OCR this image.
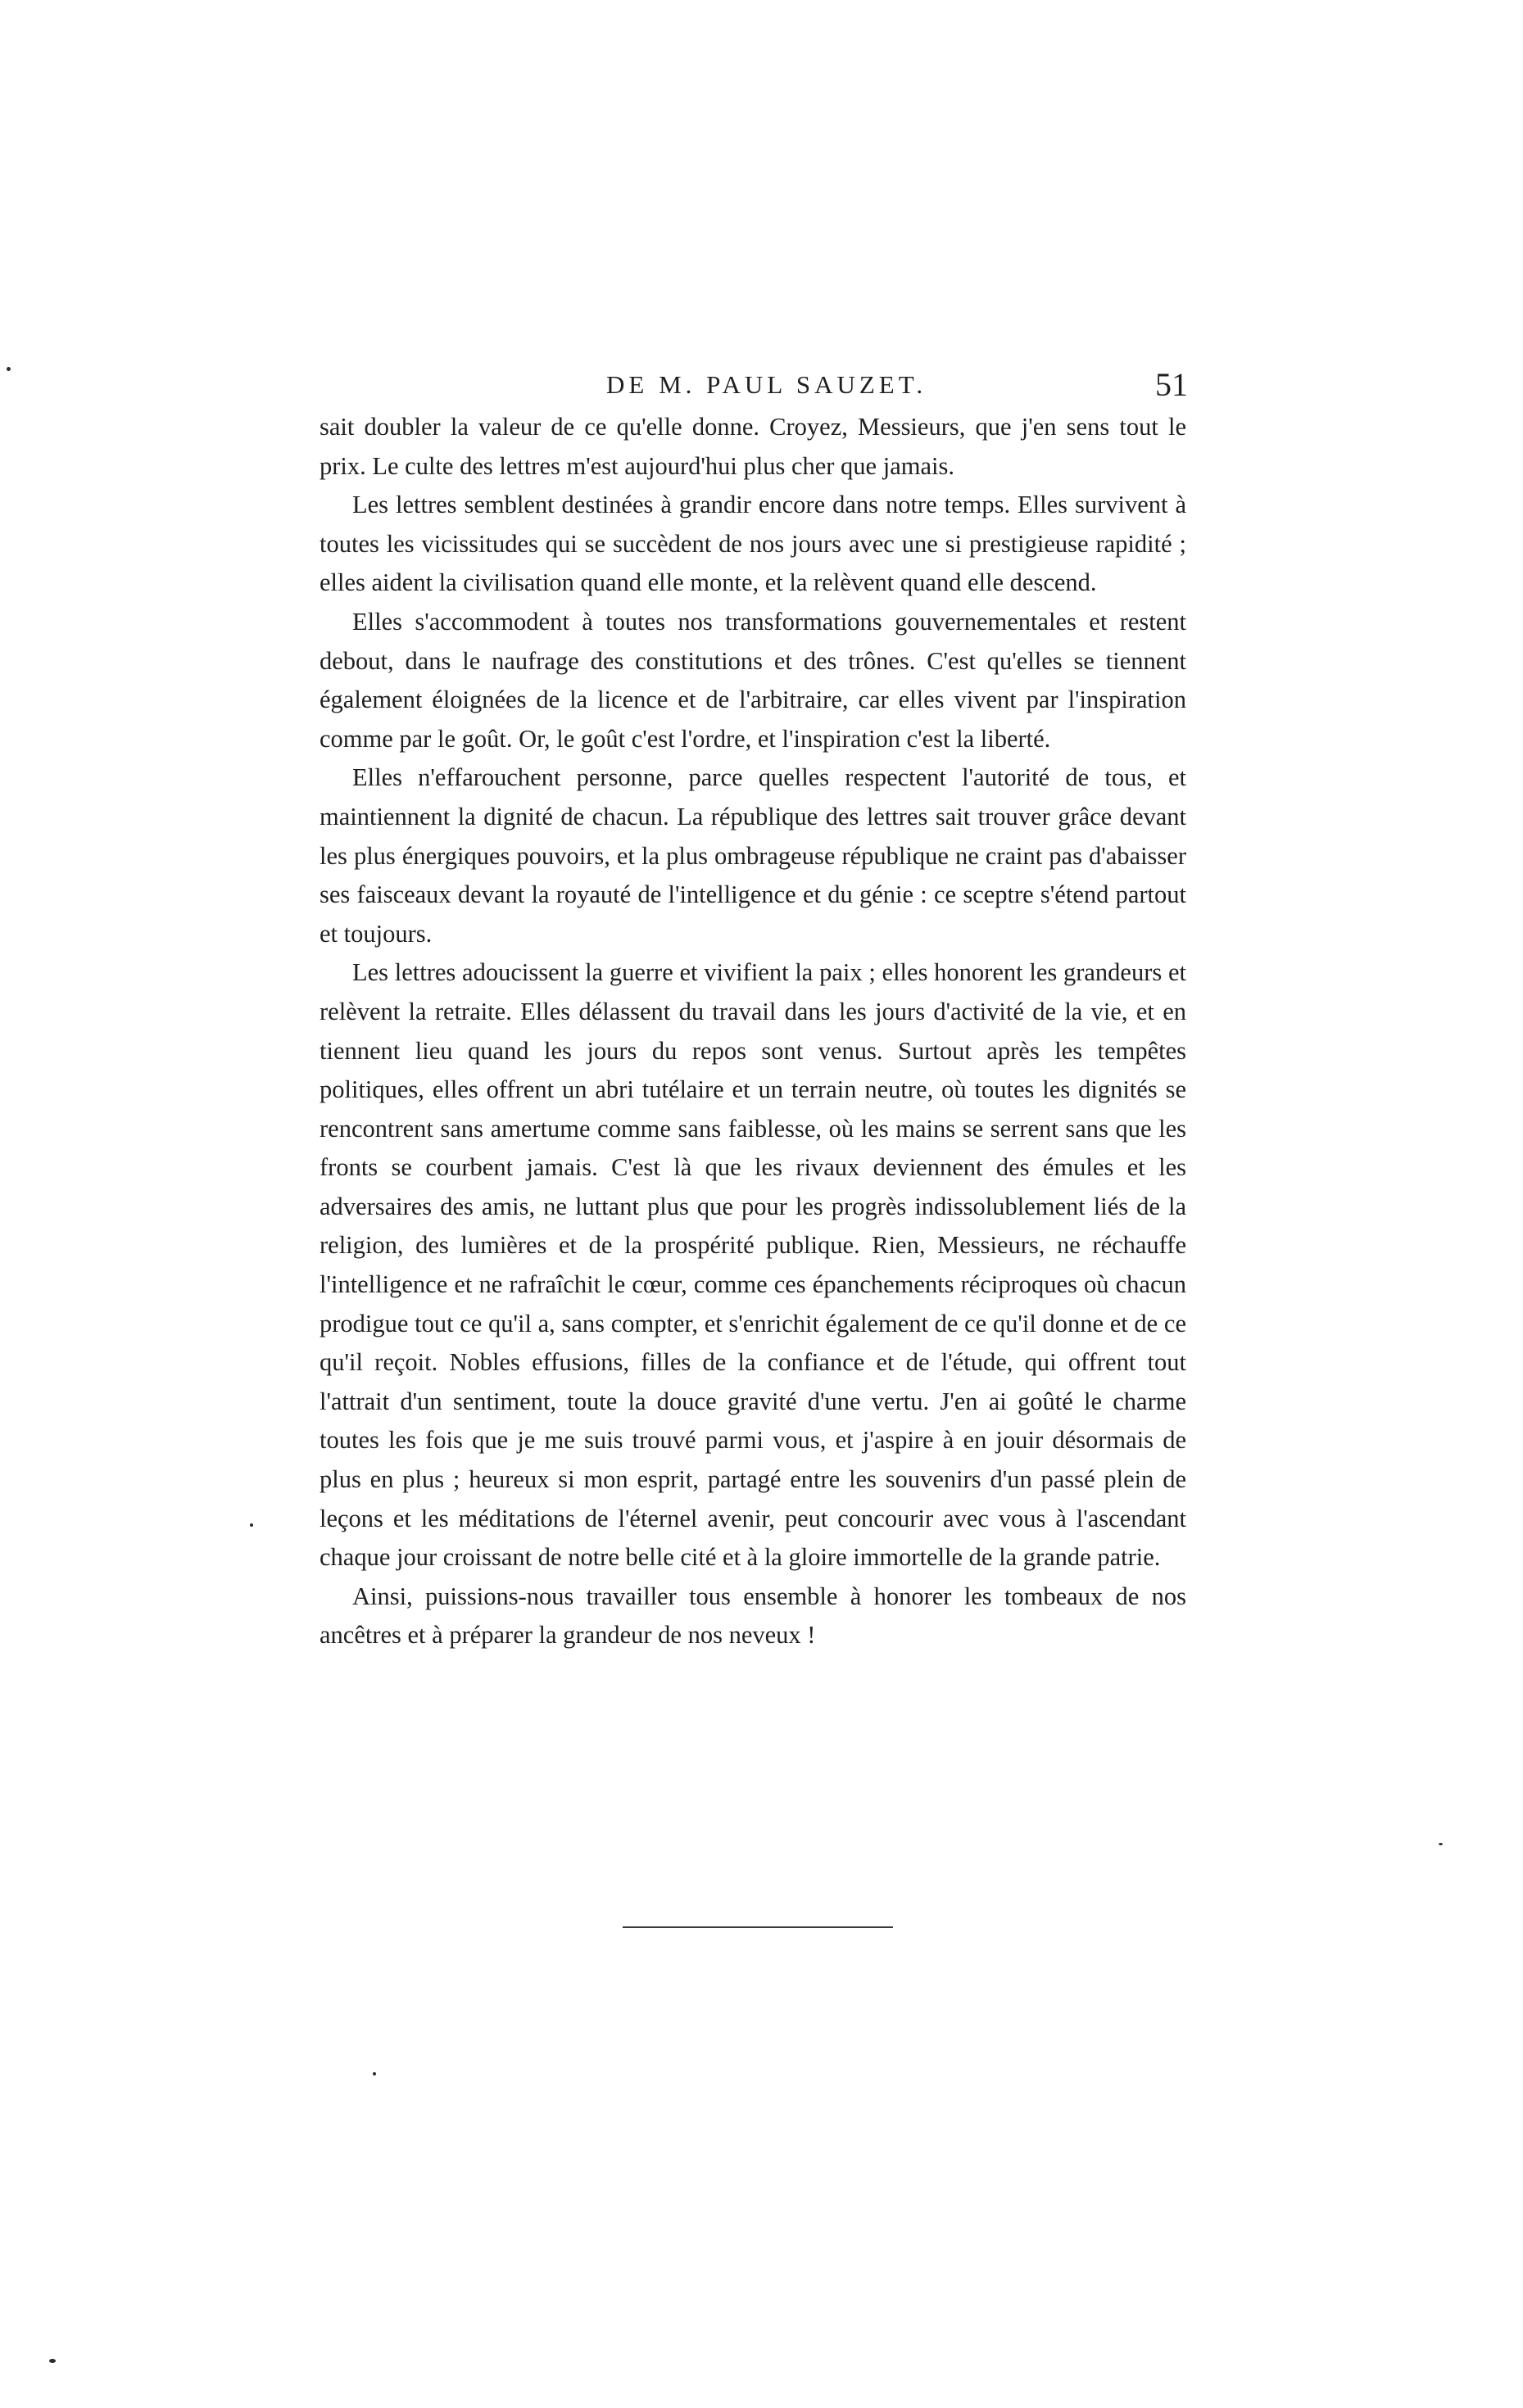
DE M. PAUL SAUZET.	51

sait doubler la valeur de ce qu'elle donne. Croyez, Messieurs, que j'en sens tout le prix. Le culte des lettres m'est aujourd'hui plus cher que jamais.

Les lettres semblent destinées à grandir encore dans notre temps. Elles survivent à toutes les vicissitudes qui se succèdent de nos jours avec une si prestigieuse rapidité ; elles aident la civilisation quand elle monte, et la relèvent quand elle descend.

Elles s'accommodent à toutes nos transformations gouvernementales et restent debout, dans le naufrage des constitutions et des trônes. C'est qu'elles se tiennent également éloignées de la licence et de l'arbitraire, car elles vivent par l'inspiration comme par le goût. Or, le goût c'est l'ordre, et l'inspiration c'est la liberté.

Elles n'effarouchent personne, parce quelles respectent l'autorité de tous, et maintiennent la dignité de chacun. La république des lettres sait trouver grâce devant les plus énergiques pouvoirs, et la plus ombrageuse république ne craint pas d'abaisser ses faisceaux devant la royauté de l'intelligence et du génie : ce sceptre s'étend partout et toujours.

Les lettres adoucissent la guerre et vivifient la paix ; elles honorent les grandeurs et relèvent la retraite. Elles délassent du travail dans les jours d'activité de la vie, et en tiennent lieu quand les jours du repos sont venus. Surtout après les tempêtes politiques, elles offrent un abri tutélaire et un terrain neutre, où toutes les dignités se rencontrent sans amertume comme sans faiblesse, où les mains se serrent sans que les fronts se courbent jamais. C'est là que les rivaux deviennent des émules et les adversaires des amis, ne luttant plus que pour les progrès indissolublement liés de la religion, des lumières et de la prospérité publique. Rien, Messieurs, ne réchauffe l'intelligence et ne rafraîchit le cœur, comme ces épanchements réciproques où chacun prodigue tout ce qu'il a, sans compter, et s'enrichit également de ce qu'il donne et de ce qu'il reçoit. Nobles effusions, filles de la confiance et de l'étude, qui offrent tout l'attrait d'un sentiment, toute la douce gravité d'une vertu. J'en ai goûté le charme toutes les fois que je me suis trouvé parmi vous, et j'aspire à en jouir désormais de plus en plus ; heureux si mon esprit, partagé entre les souvenirs d'un passé plein de leçons et les méditations de l'éternel avenir, peut concourir avec vous à l'ascendant chaque jour croissant de notre belle cité et à la gloire immortelle de la grande patrie.

Ainsi, puissions-nous travailler tous ensemble à honorer les tombeaux de nos ancêtres et à préparer la grandeur de nos neveux !
